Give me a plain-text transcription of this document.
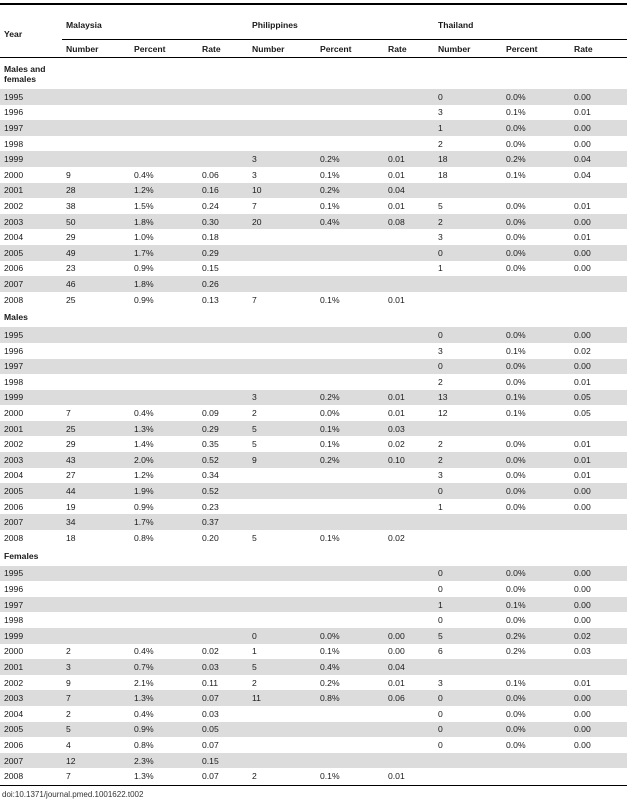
Year	Malaysia			Philippines			Thailand		
	Number	Percent	Rate	Number	Percent	Rate	Number	Percent	Rate
Males and females									
1995							0	0.0%	0.00
1996							3	0.1%	0.01
1997							1	0.0%	0.00
1998							2	0.0%	0.00
1999				3	0.2%	0.01	18	0.2%	0.04
2000	9	0.4%	0.06	3	0.1%	0.01	18	0.1%	0.04
2001	28	1.2%	0.16	10	0.2%	0.04			
2002	38	1.5%	0.24	7	0.1%	0.01	5	0.0%	0.01
2003	50	1.8%	0.30	20	0.4%	0.08	2	0.0%	0.00
2004	29	1.0%	0.18				3	0.0%	0.01
2005	49	1.7%	0.29				0	0.0%	0.00
2006	23	0.9%	0.15				1	0.0%	0.00
2007	46	1.8%	0.26						
2008	25	0.9%	0.13	7	0.1%	0.01			
Males									
1995							0	0.0%	0.00
1996							3	0.1%	0.02
1997							0	0.0%	0.00
1998							2	0.0%	0.01
1999				3	0.2%	0.01	13	0.1%	0.05
2000	7	0.4%	0.09	2	0.0%	0.01	12	0.1%	0.05
2001	25	1.3%	0.29	5	0.1%	0.03			
2002	29	1.4%	0.35	5	0.1%	0.02	2	0.0%	0.01
2003	43	2.0%	0.52	9	0.2%	0.10	2	0.0%	0.01
2004	27	1.2%	0.34				3	0.0%	0.01
2005	44	1.9%	0.52				0	0.0%	0.00
2006	19	0.9%	0.23				1	0.0%	0.00
2007	34	1.7%	0.37						
2008	18	0.8%	0.20	5	0.1%	0.02			
Females									
1995							0	0.0%	0.00
1996							0	0.0%	0.00
1997							1	0.1%	0.00
1998							0	0.0%	0.00
1999				0	0.0%	0.00	5	0.2%	0.02
2000	2	0.4%	0.02	1	0.1%	0.00	6	0.2%	0.03
2001	3	0.7%	0.03	5	0.4%	0.04			
2002	9	2.1%	0.11	2	0.2%	0.01	3	0.1%	0.01
2003	7	1.3%	0.07	11	0.8%	0.06	0	0.0%	0.00
2004	2	0.4%	0.03				0	0.0%	0.00
2005	5	0.9%	0.05				0	0.0%	0.00
2006	4	0.8%	0.07				0	0.0%	0.00
2007	12	2.3%	0.15						
2008	7	1.3%	0.07	2	0.1%	0.01			
doi:10.1371/journal.pmed.1001622.t002
